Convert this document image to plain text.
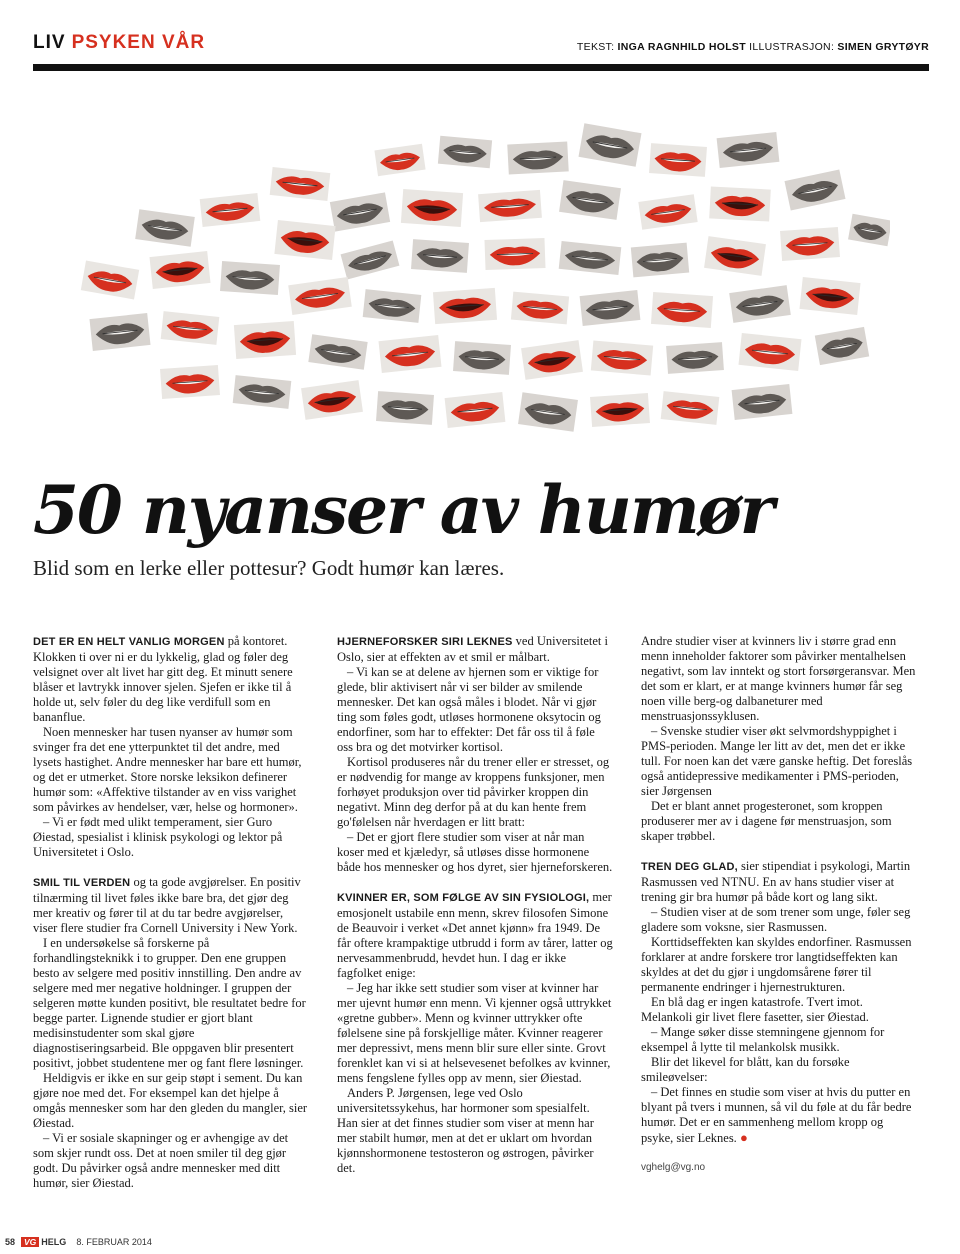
LIV PSYKEN VÅR	TEKST: INGA RAGNHILD HOLST ILLUSTRASJON: SIMEN GRYTØYR
50 nyanser av humør
Blid som en lerke eller pottesur? Godt humør kan læres.

DET ER EN HELT VANLIG MORGEN på kontoret. Klokken ti over ni er du lykkelig, glad og føler deg velsignet over alt livet har gitt deg. Et minutt senere blåser et lavtrykk innover sjelen. Sjefen er ikke til å holde ut, selv føler du deg like verdifull som en bananflue.

Noen mennesker har tusen nyanser av humør som svinger fra det ene ytterpunktet til det andre, med lysets hastighet. Andre mennesker har bare ett humør, og det er utmerket. Store norske leksikon definerer humør som: «Affektive tilstander av en viss varighet som påvirkes av hendelser, vær, helse og hormoner».

– Vi er født med ulikt temperament, sier Guro Øiestad, spesialist i klinisk psykologi og lektor på Universitetet i Oslo.

SMIL TIL VERDEN og ta gode avgjørelser. En positiv tilnærming til livet føles ikke bare bra, det gjør deg mer kreativ og fører til at du tar bedre avgjørelser, viser flere studier fra Cornell University i New York.

I en undersøkelse så forskerne på forhandlingsteknikk i to grupper. Den ene gruppen besto av selgere med positiv innstilling. Den andre av selgere med mer negative holdninger. I gruppen der selgeren møtte kunden positivt, ble resultatet bedre for begge parter. Lignende studier er gjort blant medisinstudenter som skal gjøre diagnostiseringsarbeid. Ble oppgaven blir presentert positivt, jobbet studentene mer og fant flere løsninger.

Heldigvis er ikke en sur geip støpt i sement. Du kan gjøre noe med det. For eksempel kan det hjelpe å omgås mennesker som har den gleden du mangler, sier Øiestad.

– Vi er sosiale skapninger og er avhengige av det som skjer rundt oss. Det at noen smiler til deg gjør godt. Du påvirker også andre mennesker med ditt humør, sier Øiestad.

HJERNEFORSKER SIRI LEKNES ved Universitetet i Oslo, sier at effekten av et smil er målbart.

– Vi kan se at delene av hjernen som er viktige for glede, blir aktivisert når vi ser bilder av smilende mennesker. Det kan også måles i blodet. Når vi gjør ting som føles godt, utløses hormonene oksytocin og endorfiner, som har to effekter: Det får oss til å føle oss bra og det motvirker kortisol.

Kortisol produseres når du trener eller er stresset, og er nødvendig for mange av kroppens funksjoner, men forhøyet produksjon over tid påvirker kroppen din negativt. Minn deg derfor på at du kan hente frem go'følelsen når hverdagen er litt bratt:

– Det er gjort flere studier som viser at når man koser med et kjæledyr, så utløses disse hormonene både hos mennesker og hos dyret, sier hjerneforskeren.

KVINNER ER, SOM FØLGE AV SIN FYSIOLOGI, mer emosjonelt ustabile enn menn, skrev filosofen Simone de Beauvoir i verket «Det annet kjønn» fra 1949. De får oftere krampaktige utbrudd i form av tårer, latter og nervesammenbrudd, hevdet hun. I dag er ikke fagfolket enige:

– Jeg har ikke sett studier som viser at kvinner har mer ujevnt humør enn menn. Vi kjenner også uttrykket «gretne gubber». Menn og kvinner uttrykker ofte følelsene sine på forskjellige måter. Kvinner reagerer mer depressivt, mens menn blir sure eller sinte. Grovt forenklet kan vi si at helsevesenet befolkes av kvinner, mens fengslene fylles opp av menn, sier Øiestad.

Anders P. Jørgensen, lege ved Oslo universitetssykehus, har hormoner som spesialfelt. Han sier at det finnes studier som viser at menn har mer stabilt humør, men at det er uklart om hvordan kjønnshormonene testosteron og østrogen, påvirker det.

Andre studier viser at kvinners liv i større grad enn menn inneholder faktorer som påvirker mentalhelsen negativt, som lav inntekt og stort forsørgeransvar. Men det som er klart, er at mange kvinners humør får seg noen ville berg-og dalbaneturer med menstruasjonssyklusen.

– Svenske studier viser økt selvmordshyppighet i PMS-perioden. Mange ler litt av det, men det er ikke tull. For noen kan det være ganske heftig. Det foreslås også antidepressive medikamenter i PMS-perioden, sier Jørgensen

Det er blant annet progesteronet, som kroppen produserer mer av i dagene før menstruasjon, som skaper trøbbel.

TREN DEG GLAD, sier stipendiat i psykologi, Martin Rasmussen ved NTNU. En av hans studier viser at trening gir bra humør på både kort og lang sikt.

– Studien viser at de som trener som unge, føler seg gladere som voksne, sier Rasmussen.

Korttidseffekten kan skyldes endorfiner. Rasmussen forklarer at andre forskere tror langtidseffekten kan skyldes at det du gjør i ungdomsårene fører til permanente endringer i hjernestrukturen.

En blå dag er ingen katastrofe. Tvert imot. Melankoli gir livet flere fasetter, sier Øiestad.

– Mange søker disse stemningene gjennom for eksempel å lytte til melankolsk musikk.

Blir det likevel for blått, kan du forsøke smileøvelser:

– Det finnes en studie som viser at hvis du putter en blyant på tvers i munnen, så vil du føle at du får bedre humør. Det er en sammenheng mellom kropp og psyke, sier Leknes. ●

vghelg@vg.no
58 VG HELG 8. FEBRUAR 2014
